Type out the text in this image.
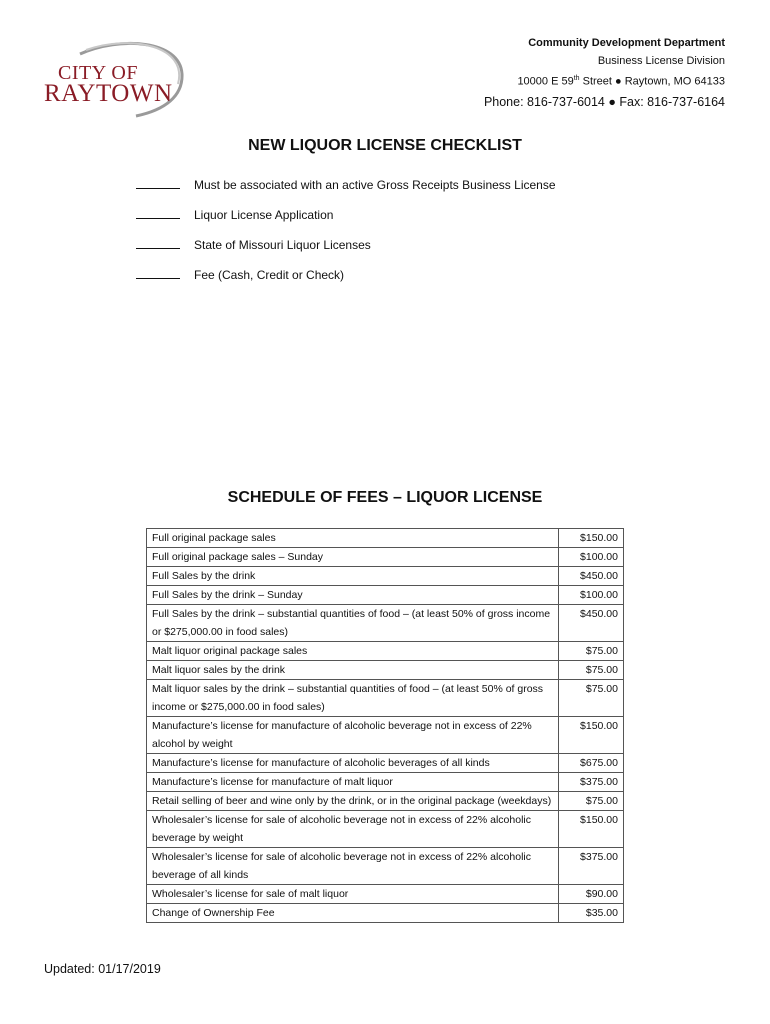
CITY OF
RAYTOWN
Community Development Department
Business License Division
10000 E 59th Street ● Raytown, MO 64133
Phone: 816-737-6014 ● Fax: 816-737-6164
NEW LIQUOR LICENSE CHECKLIST
Must be associated with an active Gross Receipts Business License
Liquor License Application
State of Missouri Liquor Licenses
Fee (Cash, Credit or Check)
SCHEDULE OF FEES – LIQUOR LICENSE
Full original package sales	$150.00
Full original package sales – Sunday	$100.00
Full Sales by the drink	$450.00
Full Sales by the drink – Sunday	$100.00
Full Sales by the drink – substantial quantities of food – (at least 50% of gross income or $275,000.00 in food sales)	$450.00
Malt liquor original package sales	$75.00
Malt liquor sales by the drink	$75.00
Malt liquor sales by the drink – substantial quantities of food – (at least 50% of gross income or $275,000.00 in food sales)	$75.00
Manufacture’s license for manufacture of alcoholic beverage not in excess of 22% alcohol by weight	$150.00
Manufacture’s license for manufacture of alcoholic beverages of all kinds	$675.00
Manufacture’s license for manufacture of malt liquor	$375.00
Retail selling of beer and wine only by the drink, or in the original package (weekdays)	$75.00
Wholesaler’s license for sale of alcoholic beverage not in excess of 22% alcoholic beverage by weight	$150.00
Wholesaler’s license for sale of alcoholic beverage not in excess of 22% alcoholic beverage of all kinds	$375.00
Wholesaler’s license for sale of malt liquor	$90.00
Change of Ownership Fee	$35.00
Updated: 01/17/2019
